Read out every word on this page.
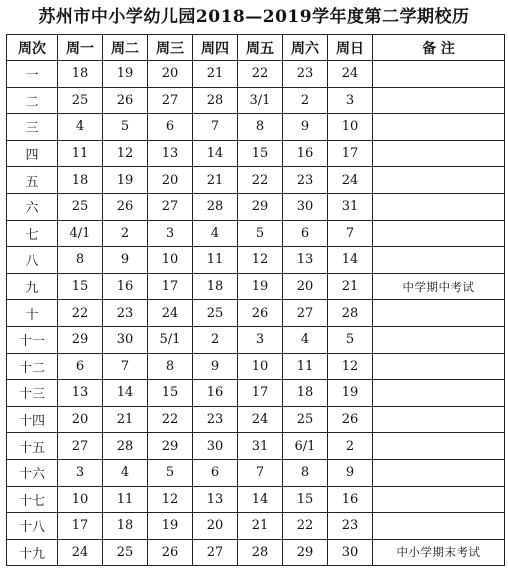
苏州市中小学幼儿园2018—2019学年度第二学期校历
周次	周一	周二	周三	周四	周五	周六	周日	备 注
一	18	19	20	21	22	23	24	
二	25	26	27	28	3/1	2	3	
三	4	5	6	7	8	9	10	
四	11	12	13	14	15	16	17	
五	18	19	20	21	22	23	24	
六	25	26	27	28	29	30	31	
七	4/1	2	3	4	5	6	7	
八	8	9	10	11	12	13	14	
九	15	16	17	18	19	20	21	中学期中考试
十	22	23	24	25	26	27	28	
十一	29	30	5/1	2	3	4	5	
十二	6	7	8	9	10	11	12	
十三	13	14	15	16	17	18	19	
十四	20	21	22	23	24	25	26	
十五	27	28	29	30	31	6/1	2	
十六	3	4	5	6	7	8	9	
十七	10	11	12	13	14	15	16	
十八	17	18	19	20	21	22	23	
十九	24	25	26	27	28	29	30	中小学期末考试
